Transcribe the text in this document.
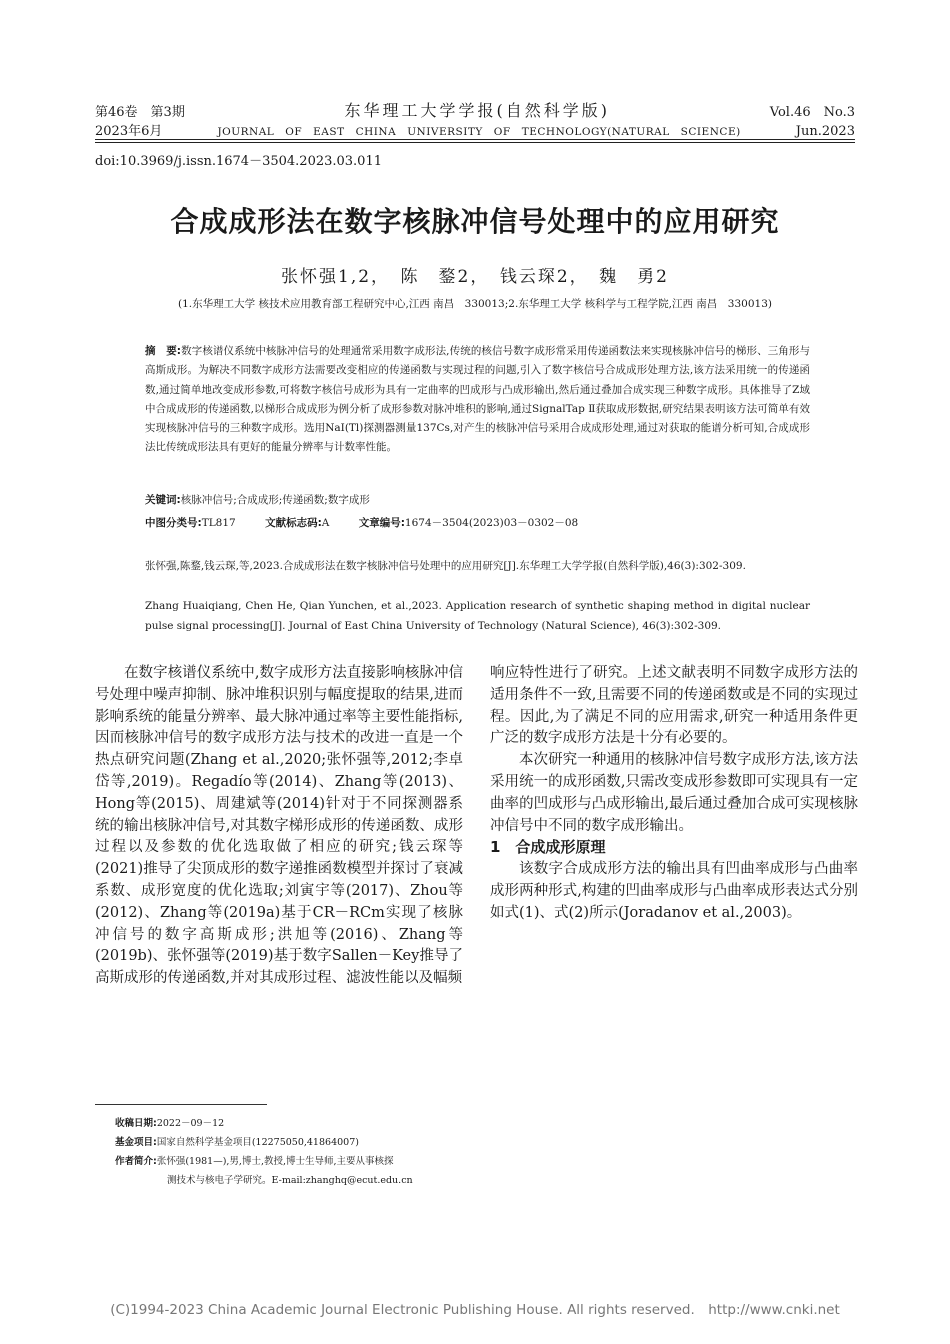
第46卷　第3期	东华理工大学学报(自然科学版)	Vol.46　No.3
2023年6月	JOURNAL　OF　EAST　CHINA　UNIVERSITY　OF　TECHNOLOGY(NATURAL　SCIENCE)	Jun.2023
doi:10.3969/j.issn.1674－3504.2023.03.011
合成成形法在数字核脉冲信号处理中的应用研究
张怀强1,2，　陈　鍪2，　钱云琛2，　魏　勇2
(1.东华理工大学 核技术应用教育部工程研究中心,江西 南昌　330013;2.东华理工大学 核科学与工程学院,江西 南昌　330013)
摘　要:数字核谱仪系统中核脉冲信号的处理通常采用数字成形法,传统的核信号数字成形常采用传递函数法来实现核脉冲信号的梯形、三角形与高斯成形。为解决不同数字成形方法需要改变相应的传递函数与实现过程的问题,引入了数字核信号合成成形处理方法,该方法采用统一的传递函数,通过简单地改变成形参数,可将数字核信号成形为具有一定曲率的凹成形与凸成形输出,然后通过叠加合成实现三种数字成形。具体推导了Z域中合成成形的传递函数,以梯形合成成形为例分析了成形参数对脉冲堆积的影响,通过SignalTap Ⅱ获取成形数据,研究结果表明该方法可简单有效实现核脉冲信号的三种数字成形。选用NaI(Tl)探测器测量137Cs,对产生的核脉冲信号采用合成成形处理,通过对获取的能谱分析可知,合成成形法比传统成形法具有更好的能量分辨率与计数率性能。
关键词:核脉冲信号;合成成形;传递函数;数字成形
中图分类号:TL817	文献标志码:A	文章编号:1674－3504(2023)03－0302－08
张怀强,陈鍪,钱云琛,等,2023.合成成形法在数字核脉冲信号处理中的应用研究[J].东华理工大学学报(自然科学版),46(3):302-309.
Zhang Huaiqiang, Chen He, Qian Yunchen, et al.,2023. Application research of synthetic shaping method in digital nuclear pulse signal processing[J]. Journal of East China University of Technology (Natural Science), 46(3):302-309.

在数字核谱仪系统中,数字成形方法直接影响核脉冲信号处理中噪声抑制、脉冲堆积识别与幅度提取的结果,进而影响系统的能量分辨率、最大脉冲通过率等主要性能指标,因而核脉冲信号的数字成形方法与技术的改进一直是一个热点研究问题(Zhang et al.,2020;张怀强等,2012;李卓岱等,2019)。Regadío等(2014)、Zhang等(2013)、Hong等(2015)、周建斌等(2014)针对于不同探测器系统的输出核脉冲信号,对其数字梯形成形的传递函数、成形过程以及参数的优化选取做了相应的研究;钱云琛等(2021)推导了尖顶成形的数字递推函数模型并探讨了衰减系数、成形宽度的优化选取;刘寅宇等(2017)、Zhou等(2012)、Zhang等(2019a)基于CR－RCm实现了核脉冲信号的数字高斯成形;洪旭等(2016)、Zhang等(2019b)、张怀强等(2019)基于数字Sallen－Key推导了高斯成形的传递函数,并对其成形过程、滤波性能以及幅频

响应特性进行了研究。上述文献表明不同数字成形方法的适用条件不一致,且需要不同的传递函数或是不同的实现过程。因此,为了满足不同的应用需求,研究一种适用条件更广泛的数字成形方法是十分有必要的。

本次研究一种通用的核脉冲信号数字成形方法,该方法采用统一的成形函数,只需改变成形参数即可实现具有一定曲率的凹成形与凸成形输出,最后通过叠加合成可实现核脉冲信号中不同的数字成形输出。

1　合成成形原理

该数字合成成形方法的输出具有凹曲率成形与凸曲率成形两种形式,构建的凹曲率成形与凸曲率成形表达式分别如式(1)、式(2)所示(Joradanov et al.,2003)。

收稿日期:2022－09－12
基金项目:国家自然科学基金项目(12275050,41864007)
作者简介:张怀强(1981—),男,博士,教授,博士生导师,主要从事核探
测技术与核电子学研究。E-mail:zhanghq@ecut.edu.cn
(C)1994-2023 China Academic Journal Electronic Publishing House. All rights reserved.　http://www.cnki.net
